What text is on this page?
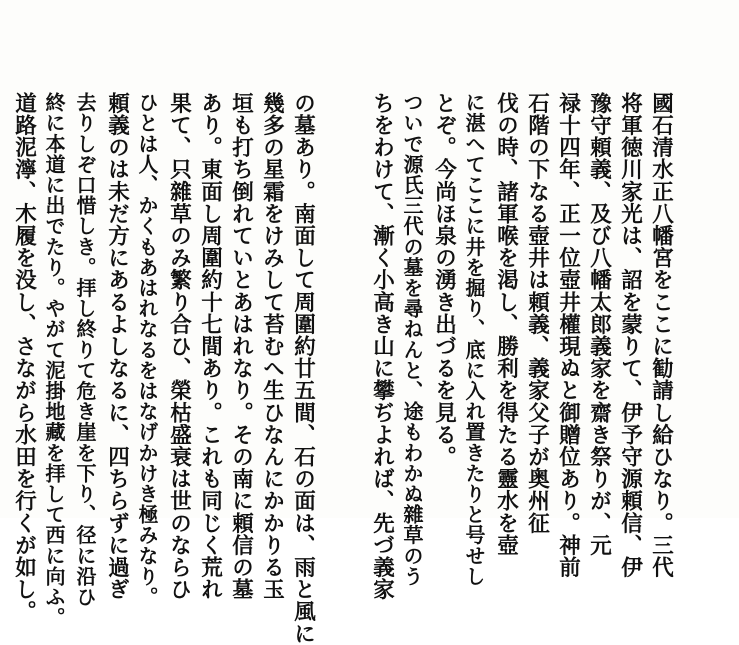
國石清水正八幡宮をここに勧請し給ひなり。三代
将軍徳川家光は、詔を蒙りて、伊予守源頼信、伊
豫守頼義、及び八幡太郎義家を齋き祭りが、元
禄十四年、正一位壺井權現ぬと御贈位あり。神前
石階の下なる壺井は頼義、義家父子が奥州征
伐の時、諸軍喉を渇し、勝利を得たる靈水を壺
に湛へてここに井を掘り、底に入れ置きたりと号せし
とぞ。今尚ほ泉の湧き出づるを見る。
ついで源氏三代の墓を尋ねんと、途もわかぬ雜草のう
ちをわけて、漸く小高き山に攀ぢよれば、先づ義家
の墓あり。南面して周圍約廿五間、石の面は、雨と風に
幾多の星霜をけみして苔むへ生ひなんにかかりる玉
垣も打ち倒れていとあはれなり。その南に頼信の墓
あり。東面し周圍約十七間あり。これも同じく荒れ
果て、只雜草のみ繁り合ひ、榮枯盛衰は世のならひ
ひとは人、かくもあはれなるをはなげかけき極みなり。
頼義のは未だ方にあるよしなるに、四ちらずに過ぎ
去りしぞ口惜しき。拝し終りて危き崖を下り、径に沿ひ
終に本道に出でたり。やがて泥掛地藏を拝して西に向ふ。
道路泥濘、木履を没し、さながら水田を行くが如し。
